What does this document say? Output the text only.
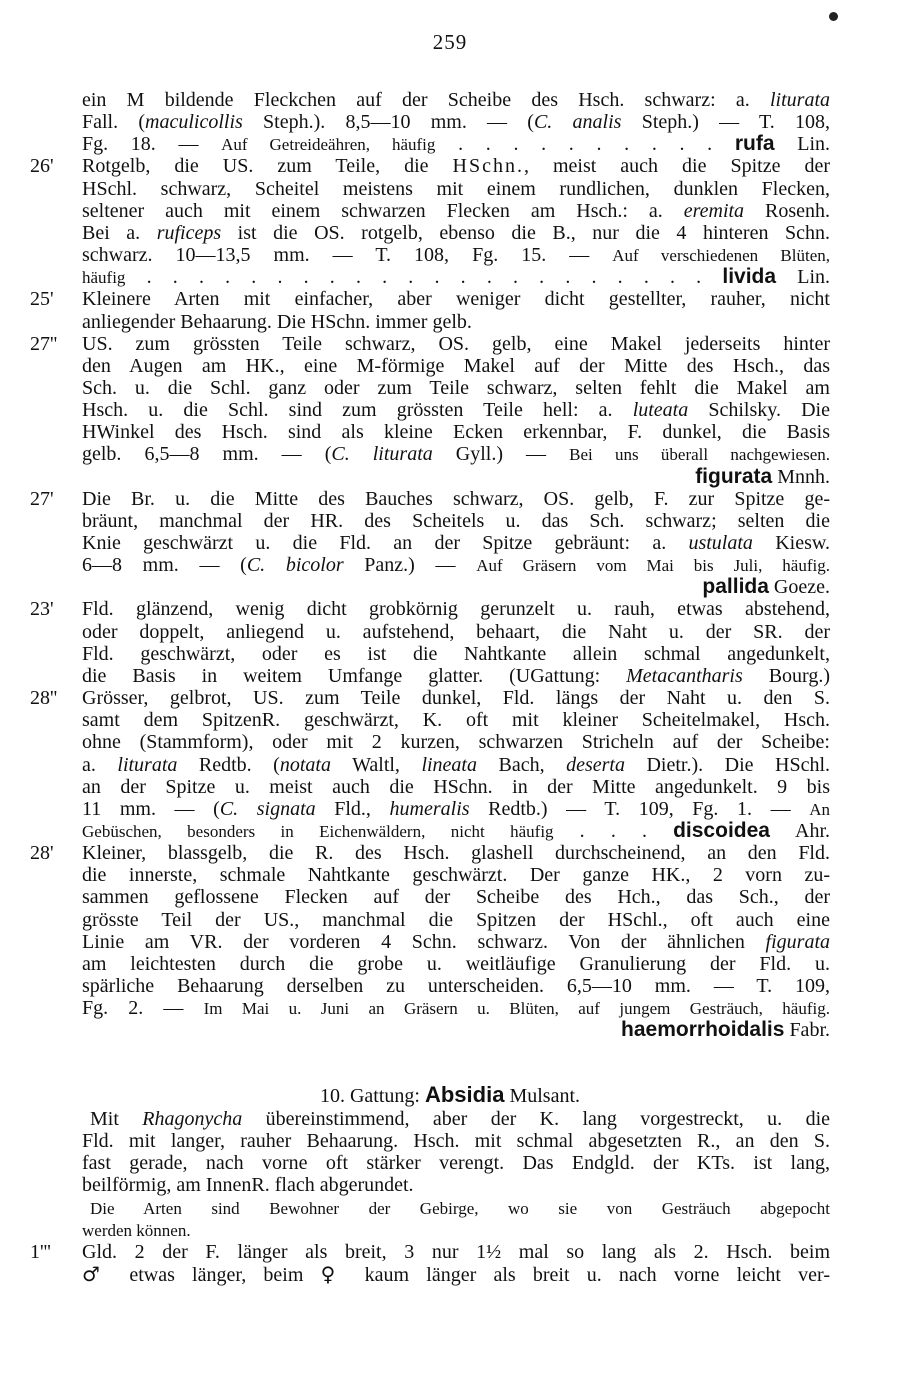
259
ein M bildende Fleckchen auf der Scheibe des Hsch. schwarz: a. liturata
Fall. (maculicollis Steph.). 8,5—10 mm. — (C. analis Steph.) — T. 108,
Fg. 18. — Auf Getreideähren, häufig . . . . . . . . . . rufa Lin.
26'	Rotgelb, die US. zum Teile, die HSchn., meist auch die Spitze der
HSchl. schwarz, Scheitel meistens mit einem rundlichen, dunklen Flecken,
seltener auch mit einem schwarzen Flecken am Hsch.: a. eremita Rosenh.
Bei a. ruficeps ist die OS. rotgelb, ebenso die B., nur die 4 hinteren Schn.
schwarz. 10—13,5 mm. — T. 108, Fg. 15. — Auf verschiedenen Blüten,
häufig . . . . . . . . . . . . . . . . . . . . . . livida Lin.
25'	Kleinere Arten mit einfacher, aber weniger dicht gestellter, rauher, nicht
anliegender Behaarung. Die HSchn. immer gelb.
27''	US. zum grössten Teile schwarz, OS. gelb, eine Makel jederseits hinter
den Augen am HK., eine M-förmige Makel auf der Mitte des Hsch., das
Sch. u. die Schl. ganz oder zum Teile schwarz, selten fehlt die Makel am
Hsch. u. die Schl. sind zum grössten Teile hell: a. luteata Schilsky. Die
HWinkel des Hsch. sind als kleine Ecken erkennbar, F. dunkel, die Basis
gelb. 6,5—8 mm. — (C. liturata Gyll.) — Bei uns überall nachgewiesen.
figurata Mnnh.
27'	Die Br. u. die Mitte des Bauches schwarz, OS. gelb, F. zur Spitze ge-
bräunt, manchmal der HR. des Scheitels u. das Sch. schwarz; selten die
Knie geschwärzt u. die Fld. an der Spitze gebräunt: a. ustulata Kiesw.
6—8 mm. — (C. bicolor Panz.) — Auf Gräsern vom Mai bis Juli, häufig.
pallida Goeze.
23'	Fld. glänzend, wenig dicht grobkörnig gerunzelt u. rauh, etwas abstehend,
oder doppelt, anliegend u. aufstehend, behaart, die Naht u. der SR. der
Fld. geschwärzt, oder es ist die Nahtkante allein schmal angedunkelt,
die Basis in weitem Umfange glatter. (UGattung: Metacantharis Bourg.)
28''	Grösser, gelbrot, US. zum Teile dunkel, Fld. längs der Naht u. den S.
samt dem SpitzenR. geschwärzt, K. oft mit kleiner Scheitelmakel, Hsch.
ohne (Stammform), oder mit 2 kurzen, schwarzen Stricheln auf der Scheibe:
a. liturata Redtb. (notata Waltl, lineata Bach, deserta Dietr.). Die HSchl.
an der Spitze u. meist auch die HSchn. in der Mitte angedunkelt. 9 bis
11 mm. — (C. signata Fld., humeralis Redtb.) — T. 109, Fg. 1. — An
Gebüschen, besonders in Eichenwäldern, nicht häufig . . . discoidea Ahr.
28'	Kleiner, blassgelb, die R. des Hsch. glashell durchscheinend, an den Fld.
die innerste, schmale Nahtkante geschwärzt. Der ganze HK., 2 vorn zu-
sammen geflossene Flecken auf der Scheibe des Hch., das Sch., der
grösste Teil der US., manchmal die Spitzen der HSchl., oft auch eine
Linie am VR. der vorderen 4 Schn. schwarz. Von der ähnlichen figurata
am leichtesten durch die grobe u. weitläufige Granulierung der Fld. u.
spärliche Behaarung derselben zu unterscheiden. 6,5—10 mm. — T. 109,
Fg. 2. — Im Mai u. Juni an Gräsern u. Blüten, auf jungem Gesträuch, häufig.
haemorrhoidalis Fabr.
Mit Rhagonycha übereinstimmend, aber der K. lang vorgestreckt, u. die
Fld. mit langer, rauher Behaarung. Hsch. mit schmal abgesetzten R., an den S.
fast gerade, nach vorne oft stärker verengt. Das Endgld. der KTs. ist lang,
beilförmig, am InnenR. flach abgerundet.
Die Arten sind Bewohner der Gebirge, wo sie von Gesträuch abgepocht
werden können.
1'''	Gld. 2 der F. länger als breit, 3 nur 1½ mal so lang als 2. Hsch. beim
♂ etwas länger, beim ♀ kaum länger als breit u. nach vorne leicht ver-
10. Gattung: Absidia Mulsant.
